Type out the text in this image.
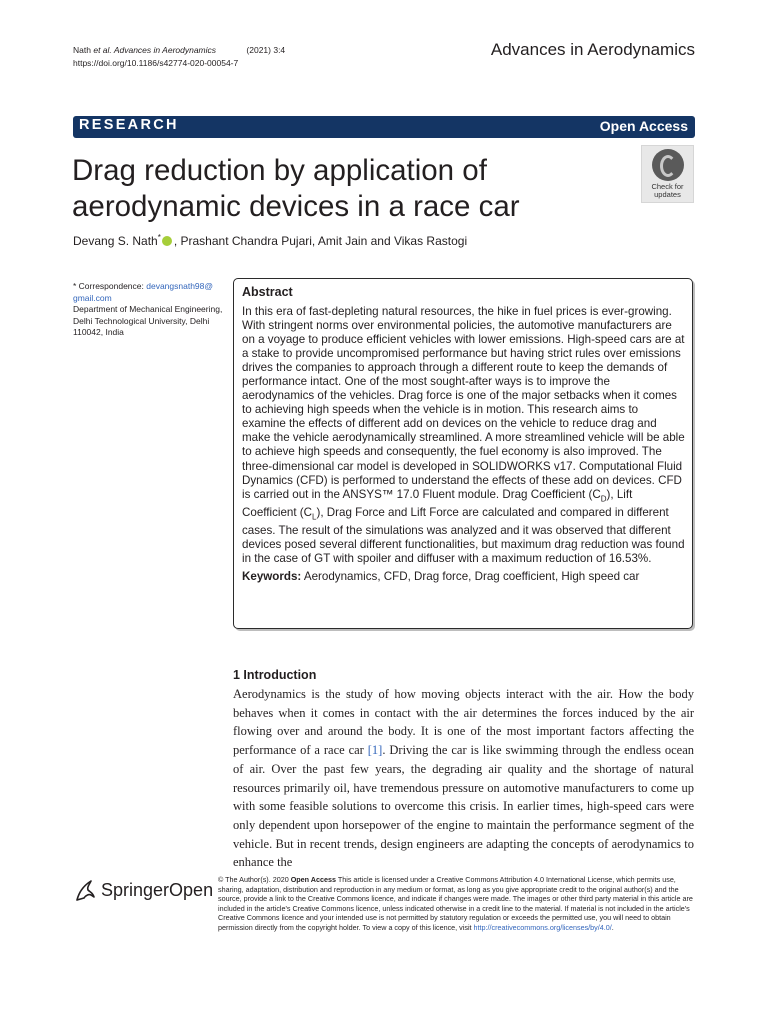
Nath et al. Advances in Aerodynamics	(2021) 3:4
https://doi.org/10.1186/s42774-020-00054-7
Advances in Aerodynamics
RESEARCH	Open Access
Drag reduction by application of aerodynamic devices in a race car
Check for
updates
Devang S. Nath* , Prashant Chandra Pujari, Amit Jain and Vikas Rastogi
* Correspondence: devangsnath98@
gmail.com
Department of Mechanical Engineering, Delhi Technological University, Delhi 110042, India
Abstract
In this era of fast-depleting natural resources, the hike in fuel prices is ever-growing. With stringent norms over environmental policies, the automotive manufacturers are on a voyage to produce efficient vehicles with lower emissions. High-speed cars are at a stake to provide uncompromised performance but having strict rules over emissions drives the companies to approach through a different route to keep the demands of performance intact. One of the most sought-after ways is to improve the aerodynamics of the vehicles. Drag force is one of the major setbacks when it comes to achieving high speeds when the vehicle is in motion. This research aims to examine the effects of different add on devices on the vehicle to reduce drag and make the vehicle aerodynamically streamlined. A more streamlined vehicle will be able to achieve high speeds and consequently, the fuel economy is also improved. The three-dimensional car model is developed in SOLIDWORKS v17. Computational Fluid Dynamics (CFD) is performed to understand the effects of these add on devices. CFD is carried out in the ANSYS™ 17.0 Fluent module. Drag Coefficient $(C_D)$, Lift Coefficient $(C_L)$, Drag Force and Lift Force are calculated and compared in different cases. The result of the simulations was analyzed and it was observed that different devices posed several different functionalities, but maximum drag reduction was found in the case of GT with spoiler and diffuser with a maximum reduction of 16.53%.
Keywords: Aerodynamics, CFD, Drag force, Drag coefficient, High speed car
1 Introduction
Aerodynamics is the study of how moving objects interact with the air. How the body behaves when it comes in contact with the air determines the forces induced by the air flowing over and around the body. It is one of the most important factors affecting the performance of a race car [1]. Driving the car is like swimming through the endless ocean of air. Over the past few years, the degrading air quality and the shortage of natural resources primarily oil, have tremendous pressure on automotive manufacturers to come up with some feasible solutions to overcome this crisis. In earlier times, high-speed cars were only dependent upon horsepower of the engine to maintain the performance segment of the vehicle. But in recent trends, design engineers are adapting the concepts of aerodynamics to enhance the
SpringerOpen
© The Author(s). 2020 Open Access This article is licensed under a Creative Commons Attribution 4.0 International License, which permits use, sharing, adaptation, distribution and reproduction in any medium or format, as long as you give appropriate credit to the original author(s) and the source, provide a link to the Creative Commons licence, and indicate if changes were made. The images or other third party material in this article are included in the article's Creative Commons licence, unless indicated otherwise in a credit line to the material. If material is not included in the article's Creative Commons licence and your intended use is not permitted by statutory regulation or exceeds the permitted use, you will need to obtain permission directly from the copyright holder. To view a copy of this licence, visit http://creativecommons.org/licenses/by/4.0/.
